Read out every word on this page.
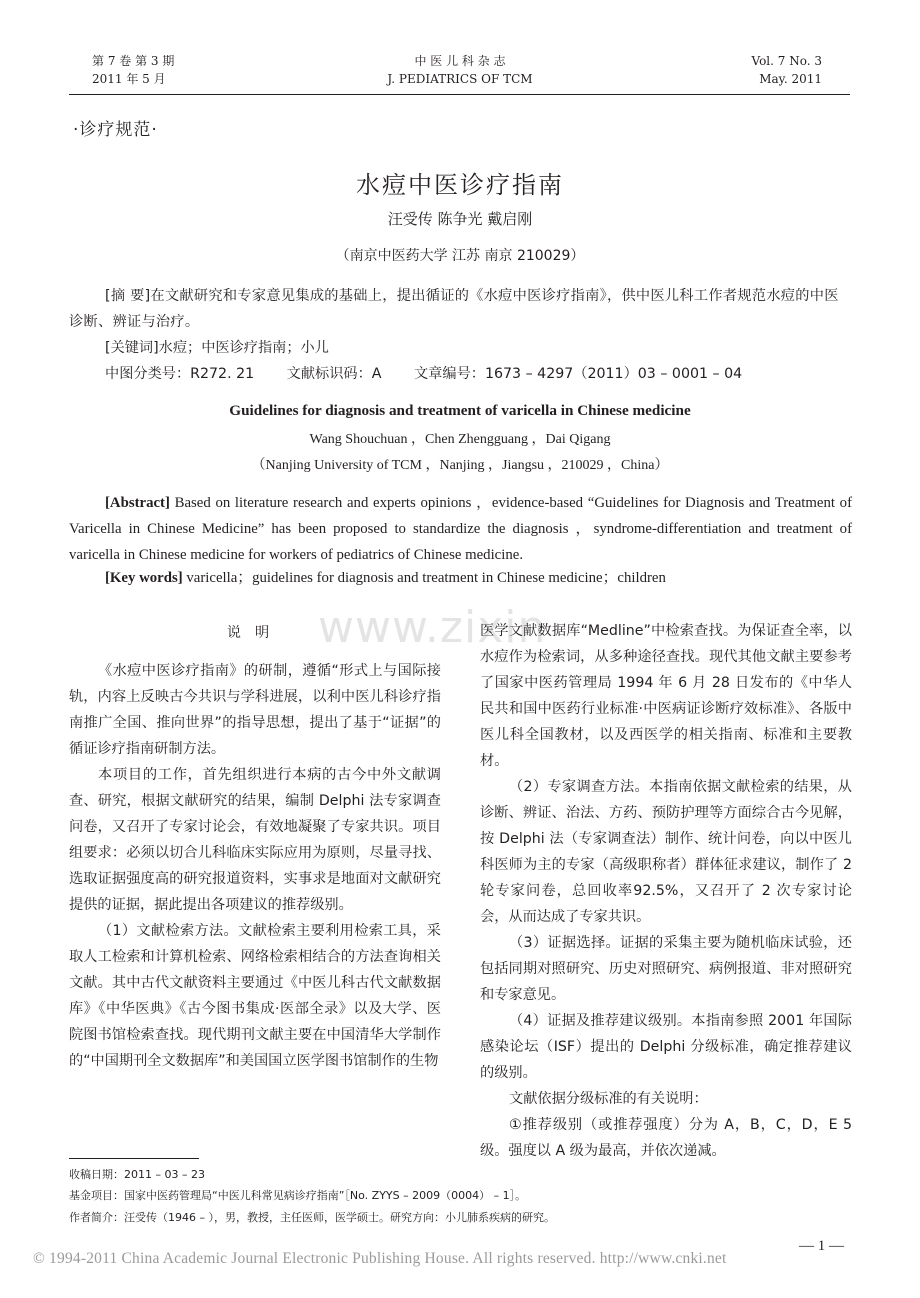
第 7 卷 第 3 期
2011 年 5 月
中 医 儿 科 杂 志
J. PEDIATRICS OF TCM
Vol. 7 No. 3
May. 2011
·诊疗规范·
水痘中医诊疗指南
汪受传 陈争光 戴启刚
（南京中医药大学 江苏 南京 210029）
[摘 要]在文献研究和专家意见集成的基础上，提出循证的《水痘中医诊疗指南》，供中医儿科工作者规范水痘的中医诊断、辨证与治疗。
[关键词]水痘；中医诊疗指南；小儿
中图分类号：R272. 21 文献标识码：A 文章编号：1673 – 4297（2011）03 – 0001 – 04
Guidelines for diagnosis and treatment of varicella in Chinese medicine
Wang Shouchuan ，Chen Zhengguang ，Dai Qigang
（Nanjing University of TCM ，Nanjing ，Jiangsu ，210029 ，China）
[Abstract] Based on literature research and experts opinions ，evidence-based “Guidelines for Diagnosis and Treatment of Varicella in Chinese Medicine” has been proposed to standardize the diagnosis ，syndrome-differentiation and treatment of varicella in Chinese medicine for workers of pediatrics of Chinese medicine.
[Key words] varicella；guidelines for diagnosis and treatment in Chinese medicine；children
www.zixin

说明

《水痘中医诊疗指南》的研制，遵循“形式上与国际接轨，内容上反映古今共识与学科进展，以利中医儿科诊疗指南推广全国、推向世界”的指导思想，提出了基于“证据”的循证诊疗指南研制方法。

本项目的工作，首先组织进行本病的古今中外文献调查、研究，根据文献研究的结果，编制 Delphi 法专家调查问卷，又召开了专家讨论会，有效地凝聚了专家共识。项目组要求：必须以切合儿科临床实际应用为原则，尽量寻找、选取证据强度高的研究报道资料，实事求是地面对文献研究提供的证据，据此提出各项建议的推荐级别。

（1）文献检索方法。文献检索主要利用检索工具，采取人工检索和计算机检索、网络检索相结合的方法查询相关文献。其中古代文献资料主要通过《中医儿科古代文献数据库》《中华医典》《古今图书集成·医部全录》以及大学、医院图书馆检索查找。现代期刊文献主要在中国清华大学制作的“中国期刊全文数据库”和美国国立医学图书馆制作的生物

医学文献数据库“Medline”中检索查找。为保证查全率，以水痘作为检索词，从多种途径查找。现代其他文献主要参考了国家中医药管理局 1994 年 6 月 28 日发布的《中华人民共和国中医药行业标准·中医病证诊断疗效标准》、各版中医儿科全国教材，以及西医学的相关指南、标准和主要教材。

（2）专家调查方法。本指南依据文献检索的结果，从诊断、辨证、治法、方药、预防护理等方面综合古今见解，按 Delphi 法（专家调查法）制作、统计问卷，向以中医儿科医师为主的专家（高级职称者）群体征求建议，制作了 2 轮专家问卷，总回收率92.5%，又召开了 2 次专家讨论会，从而达成了专家共识。

（3）证据选择。证据的采集主要为随机临床试验，还包括同期对照研究、历史对照研究、病例报道、非对照研究和专家意见。

（4）证据及推荐建议级别。本指南参照 2001 年国际感染论坛（ISF）提出的 Delphi 分级标准，确定推荐建议的级别。

文献依据分级标准的有关说明：

①推荐级别（或推荐强度）分为 A，B，C，D，E 5 级。强度以 A 级为最高，并依次递减。

收稿日期：2011 – 03 – 23
基金项目：国家中医药管理局“中医儿科常见病诊疗指南”［No. ZYYS – 2009（0004） – 1］。
作者简介：汪受传（1946 – ），男，教授，主任医师，医学硕士。研究方向：小儿肺系疾病的研究。
© 1994-2011 China Academic Journal Electronic Publishing House. All rights reserved. http://www.cnki.net
— 1 —
